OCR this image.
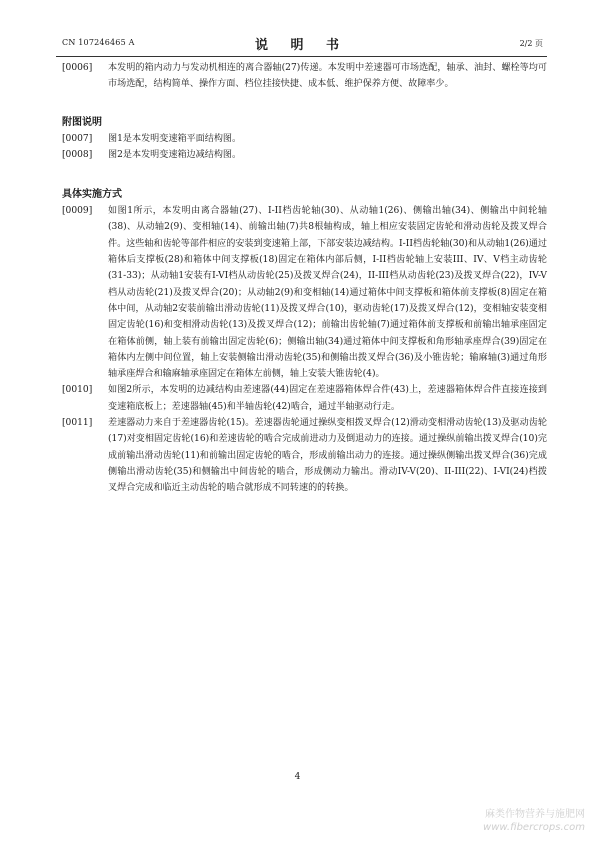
CN 107246465 A	说 明 书	2/2 页
[0006]	本发明的箱内动力与发动机相连的离合器轴(27)传递。本发明中差速器可市场选配，轴承、油封、螺栓等均可市场选配，结构简单、操作方面、档位挂接快捷、成本低、维护保养方便、故障率少。
附图说明
[0007]	图1是本发明变速箱平面结构图。
[0008]	图2是本发明变速箱边减结构图。
具体实施方式
[0009]	如图1所示，本发明由离合器轴(27)、I-II档齿轮轴(30)、从动轴1(26)、侧输出轴(34)、侧输出中间轮轴(38)、从动轴2(9)、变相轴(14)、前输出轴(7)共8根轴构成，轴上相应安装固定齿轮和滑动齿轮及拨叉焊合件。这些轴和齿轮等部件相应的安装到变速箱上部，下部安装边减结构。I-II档齿轮轴(30)和从动轴1(26)通过箱体后支撑板(28)和箱体中间支撑板(18)固定在箱体内部后侧，I-II档齿轮轴上安装III、IV、V档主动齿轮(31-33)；从动轴1安装有I-VI档从动齿轮(25)及拨叉焊合(24)，II-III档从动齿轮(23)及拨叉焊合(22)，IV-V档从动齿轮(21)及拨叉焊合(20)；从动轴2(9)和变相轴(14)通过箱体中间支撑板和箱体前支撑板(8)固定在箱体中间，从动轴2安装前输出滑动齿轮(11)及拨叉焊合(10)，驱动齿轮(17)及拨叉焊合(12)，变相轴安装变相固定齿轮(16)和变相滑动齿轮(13)及拨叉焊合(12)；前输出齿轮轴(7)通过箱体前支撑板和前输出轴承座固定在箱体前侧，轴上装有前输出固定齿轮(6)；侧输出轴(34)通过箱体中间支撑板和角形轴承座焊合(39)固定在箱体内左侧中间位置，轴上安装侧输出滑动齿轮(35)和侧输出拨叉焊合(36)及小锥齿轮；输麻轴(3)通过角形轴承座焊合和输麻轴承座固定在箱体左前侧，轴上安装大锥齿轮(4)。
[0010]	如图2所示，本发明的边减结构由差速器(44)固定在差速器箱体焊合件(43)上，差速器箱体焊合件直接连接到变速箱底板上；差速器轴(45)和半轴齿轮(42)啮合，通过半轴驱动行走。
[0011]	差速器动力来自于差速器齿轮(15)。差速器齿轮通过操纵变相拨叉焊合(12)滑动变相滑动齿轮(13)及驱动齿轮(17)对变相固定齿轮(16)和差速齿轮的啮合完成前进动力及倒退动力的连接。通过操纵前输出拨叉焊合(10)完成前输出滑动齿轮(11)和前输出固定齿轮的啮合，形成前输出动力的连接。通过操纵侧输出拨叉焊合(36)完成侧输出滑动齿轮(35)和侧输出中间齿轮的啮合，形成侧动力输出。滑动IV-V(20)、II-III(22)、I-VI(24)档拨叉焊合完成和临近主动齿轮的啮合就形成不同转速的的转换。
4
麻类作物营养与施肥网
www.fibercrops.com
